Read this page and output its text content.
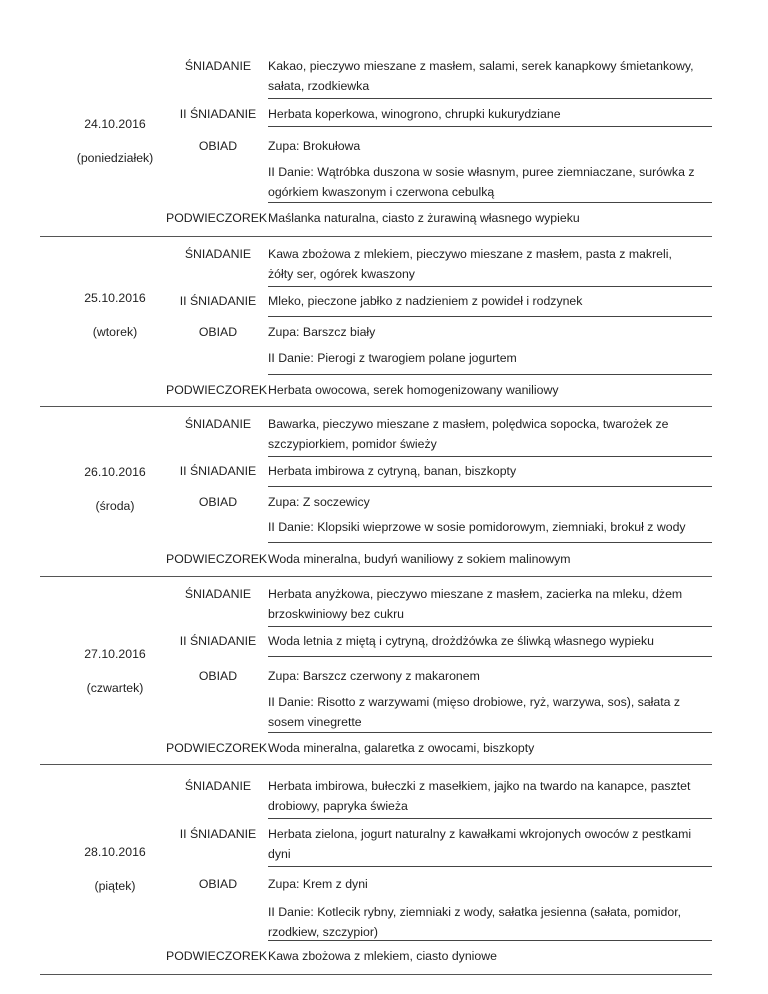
24.10.2016
(poniedziałek)
ŚNIADANIE	Kakao, pieczywo mieszane z masłem, salami, serek kanapkowy śmietankowy, sałata, rzodkiewka
II ŚNIADANIE Herbata koperkowa, winogrono, chrupki kukurydziane
OBIAD	Zupa: Brokułowa
II Danie: Wątróbka duszona w sosie własnym, puree ziemniaczane, surówka z ogórkiem kwaszonym i czerwona cebulką
PODWIECZOREK Maślanka naturalna, ciasto z żurawiną własnego wypieku
25.10.2016
(wtorek)
ŚNIADANIE	Kawa zbożowa z mlekiem, pieczywo mieszane z masłem, pasta z makreli, żółty ser, ogórek kwaszony
II ŚNIADANIE Mleko, pieczone jabłko z nadzieniem z powideł i rodzynek
OBIAD	Zupa: Barszcz biały
II Danie: Pierogi z twarogiem polane jogurtem
PODWIECZOREK Herbata owocowa, serek homogenizowany waniliowy
26.10.2016
(środa)
ŚNIADANIE	Bawarka, pieczywo mieszane z masłem, polędwica sopocka, twarożek ze szczypiorkiem, pomidor świeży
II ŚNIADANIE Herbata imbirowa z cytryną, banan, biszkopty
OBIAD	Zupa: Z soczewicy
II Danie: Klopsiki wieprzowe w sosie pomidorowym, ziemniaki, brokuł z wody
PODWIECZOREK Woda mineralna, budyń waniliowy z sokiem malinowym
27.10.2016
(czwartek)
ŚNIADANIE	Herbata anyżkowa, pieczywo mieszane z masłem, zacierka na mleku, dżem brzoskwiniowy bez cukru
II ŚNIADANIE Woda letnia z miętą i cytryną, drożdżówka ze śliwką własnego wypieku
OBIAD	Zupa: Barszcz czerwony z makaronem
II Danie: Risotto z warzywami (mięso drobiowe, ryż, warzywa, sos), sałata z sosem vinegrette
PODWIECZOREK Woda mineralna, galaretka z owocami, biszkopty
28.10.2016
(piątek)
ŚNIADANIE	Herbata imbirowa, bułeczki z masełkiem, jajko na twardo na kanapce, pasztet drobiowy, papryka świeża
II ŚNIADANIE Herbata zielona, jogurt naturalny z kawałkami wkrojonych owoców z pestkami dyni
OBIAD	Zupa: Krem z dyni
II Danie: Kotlecik rybny, ziemniaki z wody, sałatka jesienna (sałata, pomidor, rzodkiew, szczypior)
PODWIECZOREK Kawa zbożowa z mlekiem, ciasto dyniowe
